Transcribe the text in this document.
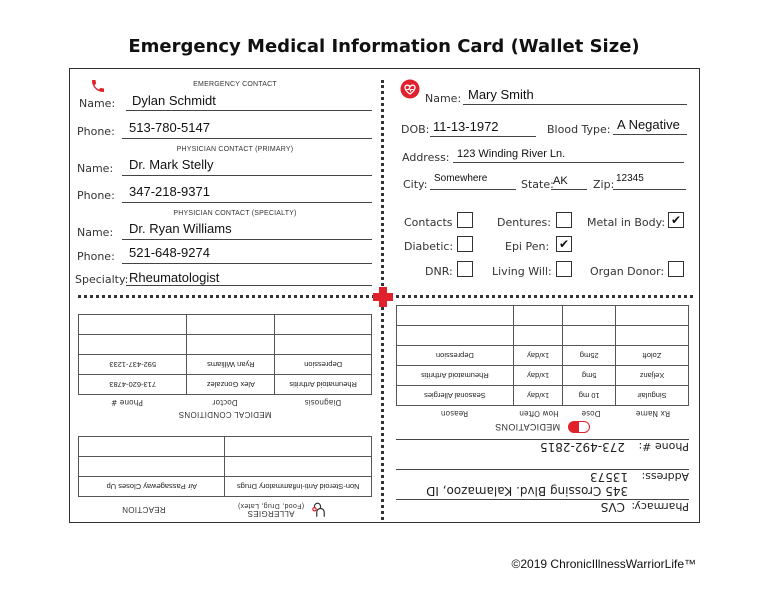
Emergency Medical Information Card (Wallet Size)
EMERGENCY CONTACT
Name: Dylan Schmidt
Phone: 513-780-5147
PHYSICIAN CONTACT (PRIMARY)
Name: Dr. Mark Stelly
Phone: 347-218-9371
PHYSICIAN CONTACT (SPECIALTY)
Name: Dr. Ryan Williams
Phone: 521-648-9274
Specialty: Rheumatologist
Name: Mary Smith
DOB: 11-13-1972	Blood Type: A Negative
Address: 123 Winding River Ln.
City: Somewhere	State: AK Zip: 12345
Contacts	Dentures:	Metal in Body: ✔
Diabetic:	Epi Pen: ✔
DNR:	Living Will:	Organ Donor:
ALLERGIES
(Food, Drug, Latex)
REACTION
Non-Steroid Anti-Inflammatory Drugs	Air Passageway Closes Up

MEDICAL CONDITIONS
Diagnosis
Doctor
Phone #
Rheumatoid Arthritis	Alex Gonzalez	713-620-4783
Depression	Ryan Williams	592-437-1233

Pharmacy:
CVS
Address:
345 Crossing Blvd. Kalamazoo, ID 13573
Phone #:
273-492-2815
MEDICATIONS
Rx Name
Dose
How Often
Reason
Singulair	10 mg	1x/day	Seasonal Allergies
Xeljanz	5mg	1x/day	Rheumatoid Arthritis
Zoloft	25mg	1x/day	Depression

©2019 ChronicIllnessWarriorLife™
